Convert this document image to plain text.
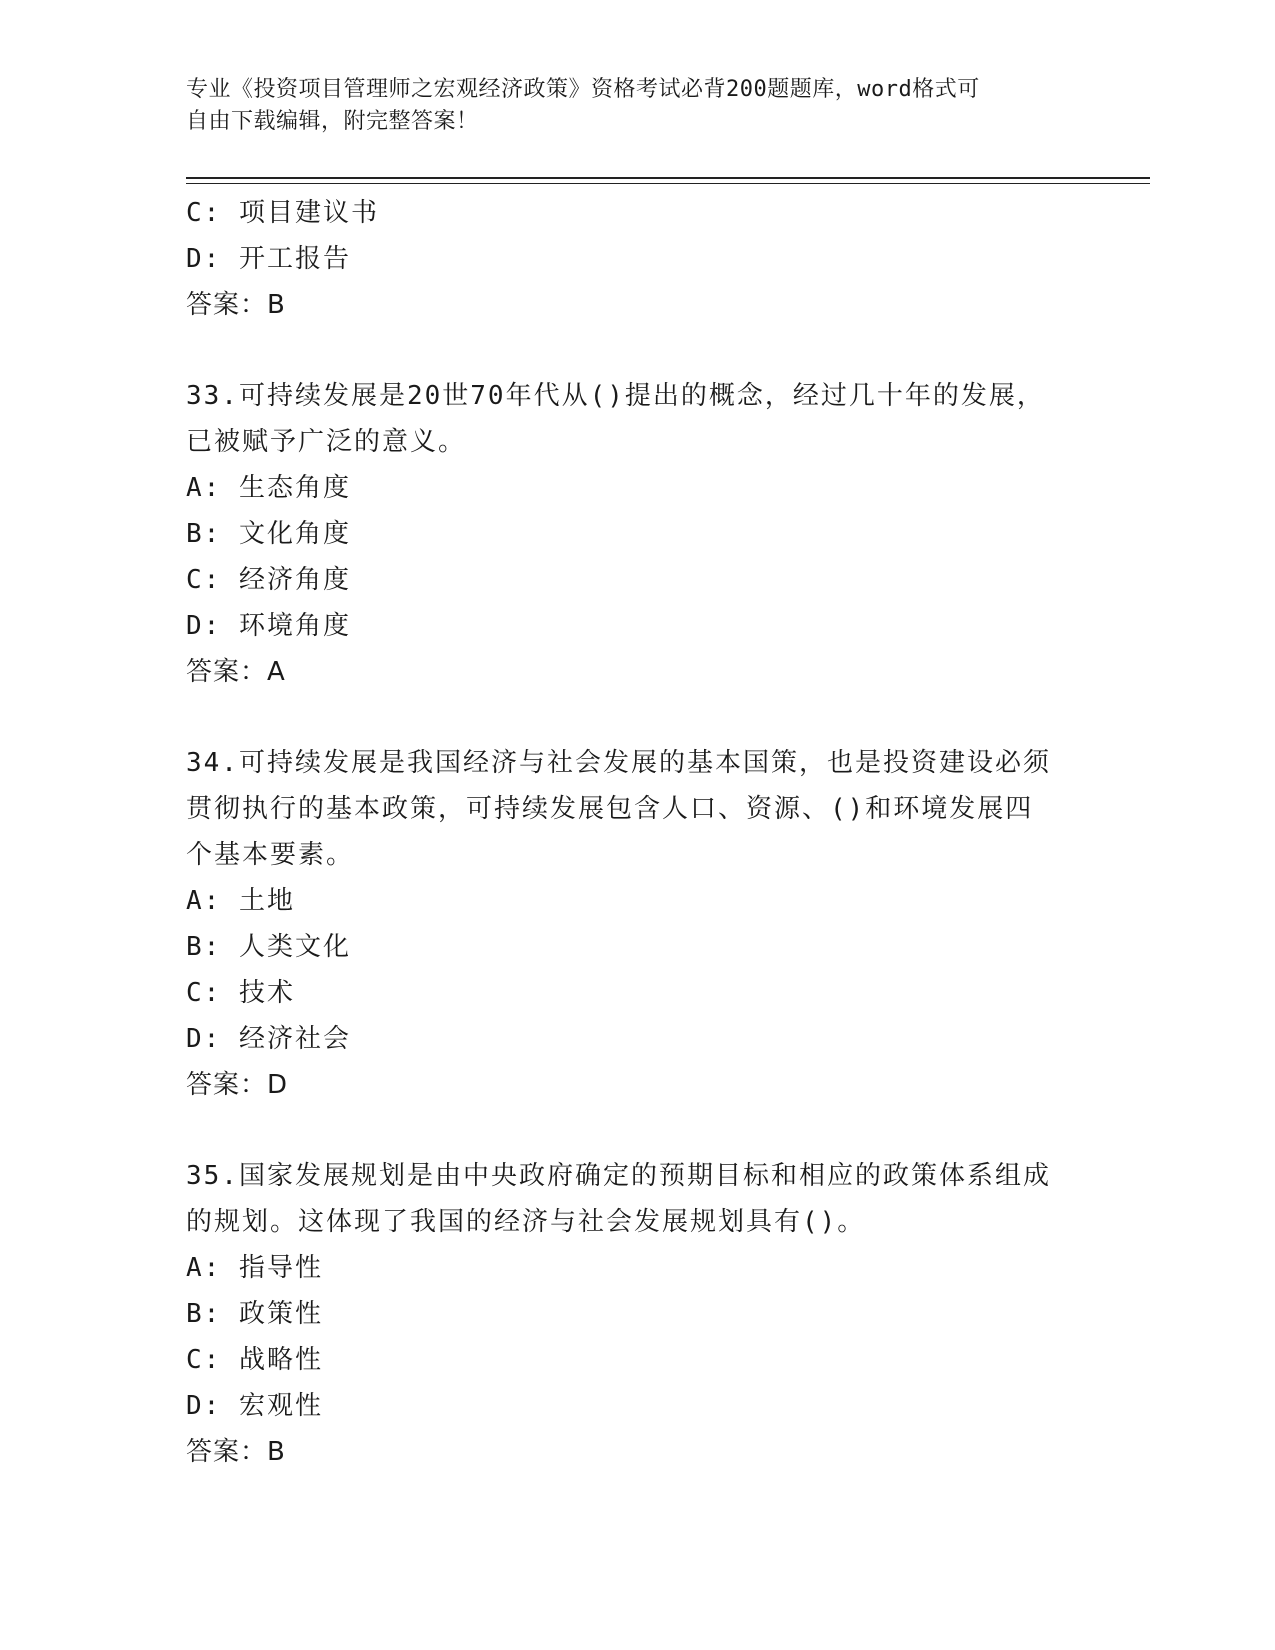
专业《投资项目管理师之宏观经济政策》资格考试必背200题题库，word格式可
自由下载编辑，附完整答案！
C: 项目建议书
D: 开工报告
答案：B
33.可持续发展是20世70年代从()提出的概念，经过几十年的发展，
已被赋予广泛的意义。
A: 生态角度
B: 文化角度
C: 经济角度
D: 环境角度
答案：A
34.可持续发展是我国经济与社会发展的基本国策，也是投资建设必须
贯彻执行的基本政策，可持续发展包含人口、资源、()和环境发展四
个基本要素。
A: 土地
B: 人类文化
C: 技术
D: 经济社会
答案：D
35.国家发展规划是由中央政府确定的预期目标和相应的政策体系组成
的规划。这体现了我国的经济与社会发展规划具有()。
A: 指导性
B: 政策性
C: 战略性
D: 宏观性
答案：B
